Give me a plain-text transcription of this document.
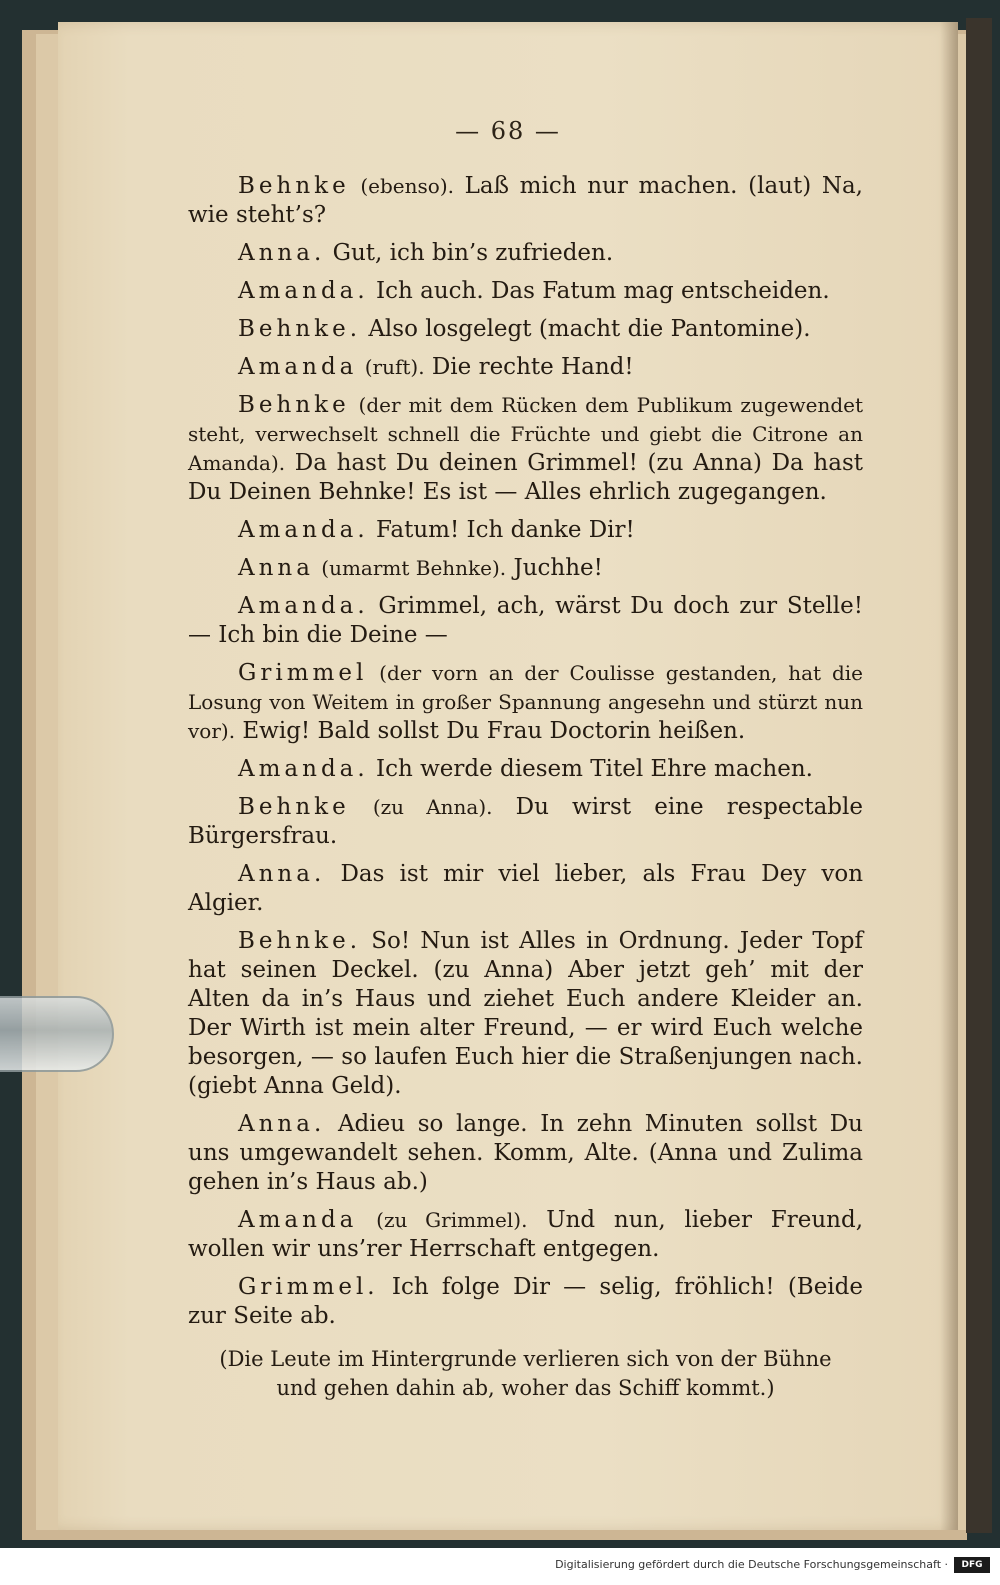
— 68 —

Behnke (ebenso). Laß mich nur machen. (laut) Na, wie steht’s?

Anna. Gut, ich bin’s zufrieden.

Amanda. Ich auch. Das Fatum mag entscheiden.

Behnke. Also losgelegt (macht die Pantomine).

Amanda (ruft). Die rechte Hand!

Behnke (der mit dem Rücken dem Publikum zugewendet steht, verwechselt schnell die Früchte und giebt die Citrone an Amanda). Da hast Du deinen Grimmel! (zu Anna) Da hast Du Deinen Behnke! Es ist — Alles ehrlich zugegangen.

Amanda. Fatum! Ich danke Dir!

Anna (umarmt Behnke). Juchhe!

Amanda. Grimmel, ach, wärst Du doch zur Stelle! — Ich bin die Deine —

Grimmel (der vorn an der Coulisse gestanden, hat die Losung von Weitem in großer Spannung angesehn und stürzt nun vor). Ewig! Bald sollst Du Frau Doctorin heißen.

Amanda. Ich werde diesem Titel Ehre machen.

Behnke (zu Anna). Du wirst eine respectable Bürgersfrau.

Anna. Das ist mir viel lieber, als Frau Dey von Algier.

Behnke. So! Nun ist Alles in Ordnung. Jeder Topf hat seinen Deckel. (zu Anna) Aber jetzt geh’ mit der Alten da in’s Haus und ziehet Euch andere Kleider an. Der Wirth ist mein alter Freund, — er wird Euch welche besorgen, — so laufen Euch hier die Straßenjungen nach. (giebt Anna Geld).

Anna. Adieu so lange. In zehn Minuten sollst Du uns umgewandelt sehen. Komm, Alte. (Anna und Zulima gehen in’s Haus ab.)

Amanda (zu Grimmel). Und nun, lieber Freund, wollen wir uns’rer Herrschaft entgegen.

Grimmel. Ich folge Dir — selig, fröhlich! (Beide zur Seite ab.

(Die Leute im Hintergrunde verlieren sich von der Bühne und gehen dahin ab, woher das Schiff kommt.)

Digitalisierung gefördert durch die Deutsche Forschungsgemeinschaft ·	DFG
